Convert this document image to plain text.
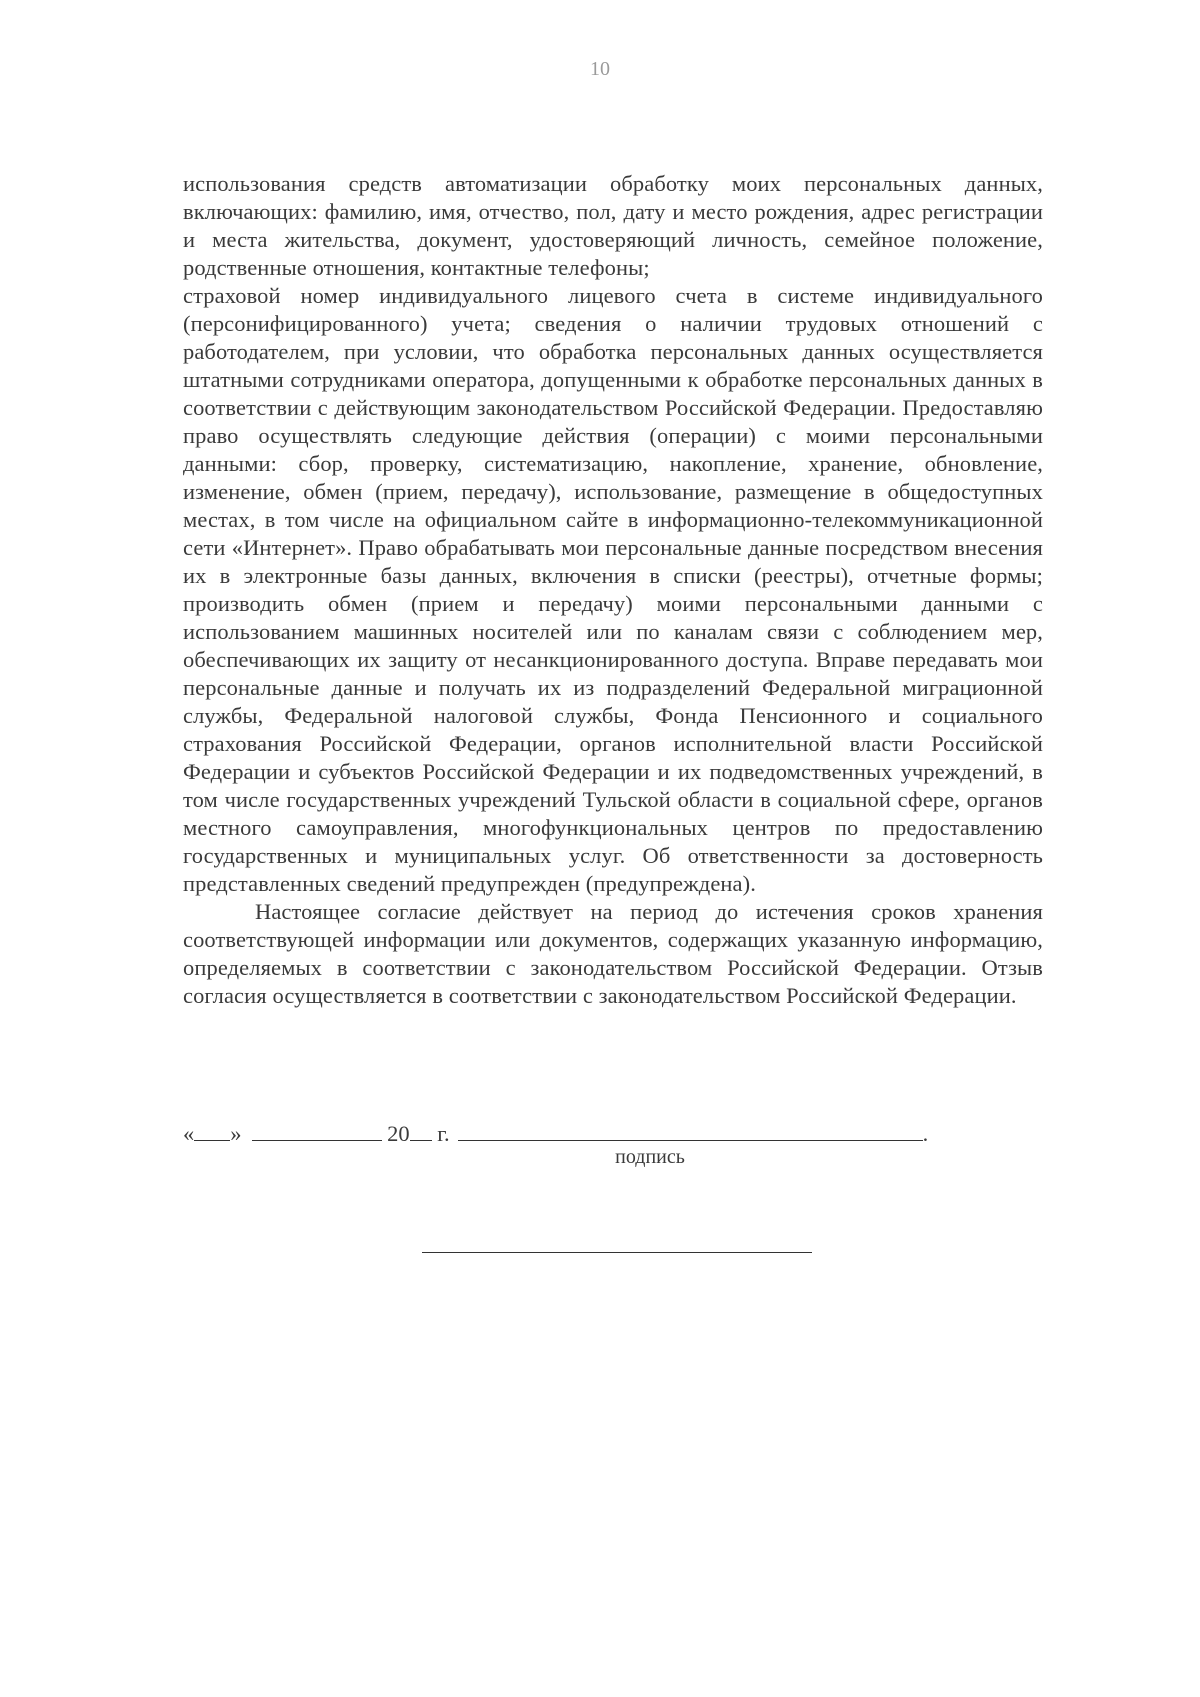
10

использования средств автоматизации обработку моих персональных данных, включающих: фамилию, имя, отчество, пол, дату и место рождения, адрес регистрации и места жительства, документ, удостоверяющий личность, семейное положение, родственные отношения, контактные телефоны;

страховой номер индивидуального лицевого счета в системе индивидуального (персонифицированного) учета; сведения о наличии трудовых отношений с работодателем, при условии, что обработка персональных данных осуществляется штатными сотрудниками оператора, допущенными к обработке персональных данных в соответствии с действующим законодательством Российской Федерации. Предоставляю право осуществлять следующие действия (операции) с моими персональными данными: сбор, проверку, систематизацию, накопление, хранение, обновление, изменение, обмен (прием, передачу), использование, размещение в общедоступных местах, в том числе на официальном сайте в информационно-телекоммуникационной сети «Интернет». Право обрабатывать мои персональные данные посредством внесения их в электронные базы данных, включения в списки (реестры), отчетные формы; производить обмен (прием и передачу) моими персональными данными с использованием машинных носителей или по каналам связи с соблюдением мер, обеспечивающих их защиту от несанкционированного доступа. Вправе передавать мои персональные данные и получать их из подразделений Федеральной миграционной службы, Федеральной налоговой службы, Фонда Пенсионного и социального страхования Российской Федерации, органов исполнительной власти Российской Федерации и субъектов Российской Федерации и их подведомственных учреждений, в том числе государственных учреждений Тульской области в социальной сфере, органов местного самоуправления, многофункциональных центров по предоставлению государственных и муниципальных услуг. Об ответственности за достоверность представленных сведений предупрежден (предупреждена).

Настоящее согласие действует на период до истечения сроков хранения соответствующей информации или документов, содержащих указанную информацию, определяемых в соответствии с законодательством Российской Федерации. Отзыв согласия осуществляется в соответствии с законодательством Российской Федерации.

« »	20 г.	.
подпись
